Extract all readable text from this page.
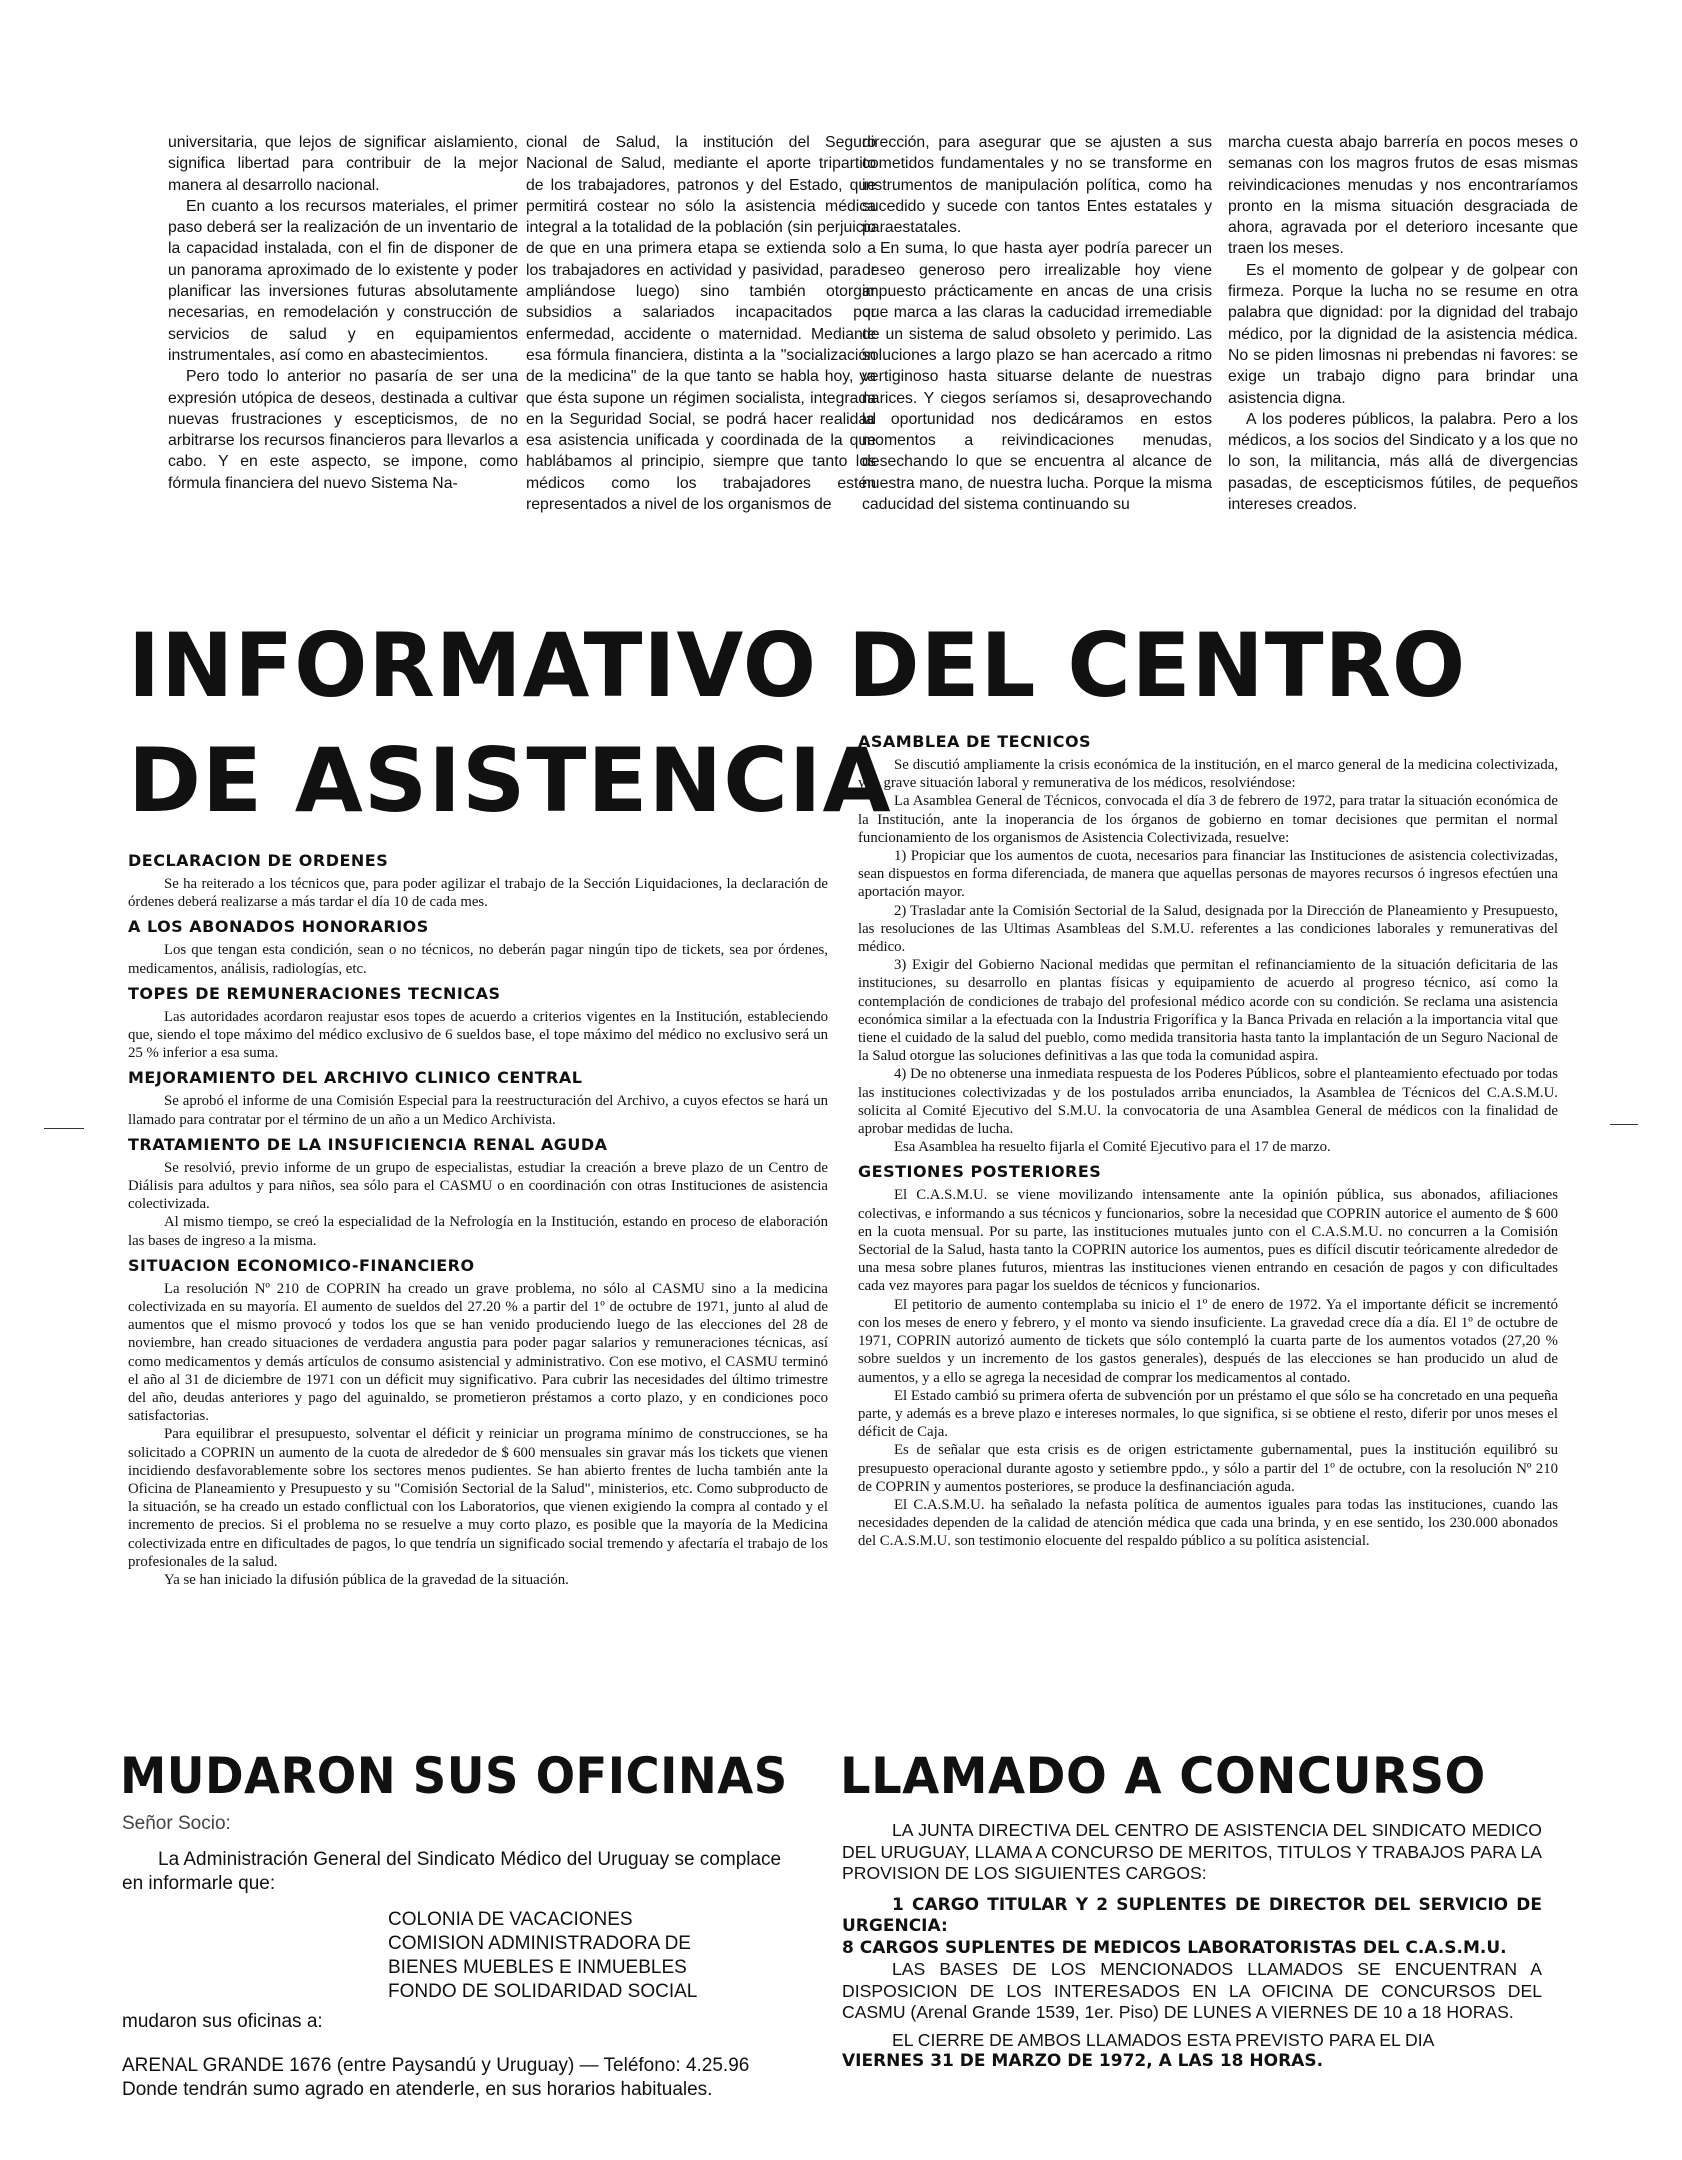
universitaria, que lejos de significar aislamiento, significa libertad para contribuir de la mejor manera al desarrollo nacional.

En cuanto a los recursos materiales, el primer paso deberá ser la realización de un inventario de la capacidad instalada, con el fin de disponer de un panorama aproximado de lo existente y poder planificar las inversiones futuras absolutamente necesarias, en remodelación y construcción de servicios de salud y en equipamientos instrumentales, así como en abastecimientos.

Pero todo lo anterior no pasaría de ser una expresión utópica de deseos, destinada a cultivar nuevas frustraciones y escepticismos, de no arbitrarse los recursos financieros para llevarlos a cabo. Y en este aspecto, se impone, como fórmula financiera del nuevo Sistema Na-

cional de Salud, la institución del Seguro Nacional de Salud, mediante el aporte tripartito de los trabajadores, patronos y del Estado, que permitirá costear no sólo la asistencia médica integral a la totalidad de la población (sin perjuicio de que en una primera etapa se extienda solo a los trabajadores en actividad y pasividad, para ir ampliándose luego) sino también otorgar subsidios a salariados incapacitados por enfermedad, accidente o maternidad. Mediante esa fórmula financiera, distinta a la "socialización de la medicina" de la que tanto se habla hoy, ya que ésta supone un régimen socialista, integrada en la Seguridad Social, se podrá hacer realidad esa asistencia unificada y coordinada de la que hablábamos al principio, siempre que tanto los médicos como los trabajadores estén representados a nivel de los organismos de

dirección, para asegurar que se ajusten a sus cometidos fundamentales y no se transforme en instrumentos de manipulación política, como ha sucedido y sucede con tantos Entes estatales y paraestatales.

En suma, lo que hasta ayer podría parecer un deseo generoso pero irrealizable hoy viene impuesto prácticamente en ancas de una crisis que marca a las claras la caducidad irremediable de un sistema de salud obsoleto y perimido. Las soluciones a largo plazo se han acercado a ritmo vertiginoso hasta situarse delante de nuestras narices. Y ciegos seríamos si, desaprovechando la oportunidad nos dedicáramos en estos momentos a reivindicaciones menudas, desechando lo que se encuentra al alcance de nuestra mano, de nuestra lucha. Porque la misma caducidad del sistema continuando su

marcha cuesta abajo barrería en pocos meses o semanas con los magros frutos de esas mismas reivindicaciones menudas y nos encontraríamos pronto en la misma situación desgraciada de ahora, agravada por el deterioro incesante que traen los meses.

Es el momento de golpear y de golpear con firmeza. Porque la lucha no se resume en otra palabra que dignidad: por la dignidad del trabajo médico, por la dignidad de la asistencia médica. No se piden limosnas ni prebendas ni favores: se exige un trabajo digno para brindar una asistencia digna.

A los poderes públicos, la palabra. Pero a los médicos, a los socios del Sindicato y a los que no lo son, la militancia, más allá de divergencias pasadas, de escepticismos fútiles, de pequeños intereses creados.

INFORMATIVO DEL CENTRO
DE ASISTENCIA
DECLARACION DE ORDENES

Se ha reiterado a los técnicos que, para poder agilizar el trabajo de la Sección Liquidaciones, la declaración de órdenes deberá realizarse a más tardar el día 10 de cada mes.

A LOS ABONADOS HONORARIOS

Los que tengan esta condición, sean o no técnicos, no deberán pagar ningún tipo de tickets, sea por órdenes, medicamentos, análisis, radiologías, etc.

TOPES DE REMUNERACIONES TECNICAS

Las autoridades acordaron reajustar esos topes de acuerdo a criterios vigentes en la Institución, estableciendo que, siendo el tope máximo del médico exclusivo de 6 sueldos base, el tope máximo del médico no exclusivo será un 25 % inferior a esa suma.

MEJORAMIENTO DEL ARCHIVO CLINICO CENTRAL

Se aprobó el informe de una Comisión Especial para la reestructuración del Archivo, a cuyos efectos se hará un llamado para contratar por el término de un año a un Medico Archivista.

TRATAMIENTO DE LA INSUFICIENCIA RENAL AGUDA

Se resolvió, previo informe de un grupo de especialistas, estudiar la creación a breve plazo de un Centro de Diálisis para adultos y para niños, sea sólo para el CASMU o en coordinación con otras Instituciones de asistencia colectivizada.

Al mismo tiempo, se creó la especialidad de la Nefrología en la Institución, estando en proceso de elaboración las bases de ingreso a la misma.

SITUACION ECONOMICO-FINANCIERO

La resolución Nº 210 de COPRIN ha creado un grave problema, no sólo al CASMU sino a la medicina colectivizada en su mayoría. El aumento de sueldos del 27.20 % a partir del 1º de octubre de 1971, junto al alud de aumentos que el mismo provocó y todos los que se han venido produciendo luego de las elecciones del 28 de noviembre, han creado situaciones de verdadera angustia para poder pagar salarios y remuneraciones técnicas, así como medicamentos y demás artículos de consumo asistencial y administrativo. Con ese motivo, el CASMU terminó el año al 31 de diciembre de 1971 con un déficit muy significativo. Para cubrir las necesidades del último trimestre del año, deudas anteriores y pago del aguinaldo, se prometieron préstamos a corto plazo, y en condiciones poco satisfactorias.

Para equilibrar el presupuesto, solventar el déficit y reiniciar un programa mínimo de construcciones, se ha solicitado a COPRIN un aumento de la cuota de alrededor de $ 600 mensuales sin gravar más los tickets que vienen incidiendo desfavorablemente sobre los sectores menos pudientes. Se han abierto frentes de lucha también ante la Oficina de Planeamiento y Presupuesto y su "Comisión Sectorial de la Salud", ministerios, etc. Como subproducto de la situación, se ha creado un estado conflictual con los Laboratorios, que vienen exigiendo la compra al contado y el incremento de precios. Si el problema no se resuelve a muy corto plazo, es posible que la mayoría de la Medicina colectivizada entre en dificultades de pagos, lo que tendría un significado social tremendo y afectaría el trabajo de los profesionales de la salud.

Ya se han iniciado la difusión pública de la gravedad de la situación.

ASAMBLEA DE TECNICOS

Se discutió ampliamente la crisis económica de la institución, en el marco general de la medicina colectivizada, y la grave situación laboral y remunerativa de los médicos, resolviéndose:

La Asamblea General de Técnicos, convocada el día 3 de febrero de 1972, para tratar la situación económica de la Institución, ante la inoperancia de los órganos de gobierno en tomar decisiones que permitan el normal funcionamiento de los organismos de Asistencia Colectivizada, resuelve:

1) Propiciar que los aumentos de cuota, necesarios para financiar las Instituciones de asistencia colectivizadas, sean dispuestos en forma diferenciada, de manera que aquellas personas de mayores recursos ó ingresos efectúen una aportación mayor.

2) Trasladar ante la Comisión Sectorial de la Salud, designada por la Dirección de Planeamiento y Presupuesto, las resoluciones de las Ultimas Asambleas del S.M.U. referentes a las condiciones laborales y remunerativas del médico.

3) Exigir del Gobierno Nacional medidas que permitan el refinanciamiento de la situación deficitaria de las instituciones, su desarrollo en plantas físicas y equipamiento de acuerdo al progreso técnico, así como la contemplación de condiciones de trabajo del profesional médico acorde con su condición. Se reclama una asistencia económica similar a la efectuada con la Industria Frigorífica y la Banca Privada en relación a la importancia vital que tiene el cuidado de la salud del pueblo, como medida transitoria hasta tanto la implantación de un Seguro Nacional de la Salud otorgue las soluciones definitivas a las que toda la comunidad aspira.

4) De no obtenerse una inmediata respuesta de los Poderes Públicos, sobre el planteamiento efectuado por todas las instituciones colectivizadas y de los postulados arriba enunciados, la Asamblea de Técnicos del C.A.S.M.U. solicita al Comité Ejecutivo del S.M.U. la convocatoria de una Asamblea General de médicos con la finalidad de aprobar medidas de lucha.

Esa Asamblea ha resuelto fijarla el Comité Ejecutivo para el 17 de marzo.

GESTIONES POSTERIORES

El C.A.S.M.U. se viene movilizando intensamente ante la opinión pública, sus abonados, afiliaciones colectivas, e informando a sus técnicos y funcionarios, sobre la necesidad que COPRIN autorice el aumento de $ 600 en la cuota mensual. Por su parte, las instituciones mutuales junto con el C.A.S.M.U. no concurren a la Comisión Sectorial de la Salud, hasta tanto la COPRIN autorice los aumentos, pues es difícil discutir teóricamente alrededor de una mesa sobre planes futuros, mientras las instituciones vienen entrando en cesación de pagos y con dificultades cada vez mayores para pagar los sueldos de técnicos y funcionarios.

El petitorio de aumento contemplaba su inicio el 1º de enero de 1972. Ya el importante déficit se incrementó con los meses de enero y febrero, y el monto va siendo insuficiente. La gravedad crece día a día. El 1º de octubre de 1971, COPRIN autorizó aumento de tickets que sólo contempló la cuarta parte de los aumentos votados (27,20 % sobre sueldos y un incremento de los gastos generales), después de las elecciones se han producido un alud de aumentos, y a ello se agrega la necesidad de comprar los medicamentos al contado.

El Estado cambió su primera oferta de subvención por un préstamo el que sólo se ha concretado en una pequeña parte, y además es a breve plazo e intereses normales, lo que significa, si se obtiene el resto, diferir por unos meses el déficit de Caja.

Es de señalar que esta crisis es de origen estrictamente gubernamental, pues la institución equilibró su presupuesto operacional durante agosto y setiembre ppdo., y sólo a partir del 1º de octubre, con la resolución Nº 210 de COPRIN y aumentos posteriores, se produce la desfinanciación aguda.

El C.A.S.M.U. ha señalado la nefasta política de aumentos iguales para todas las instituciones, cuando las necesidades dependen de la calidad de atención médica que cada una brinda, y en ese sentido, los 230.000 abonados del C.A.S.M.U. son testimonio elocuente del respaldo público a su política asistencial.

MUDARON SUS OFICINAS

Señor Socio:

La Administración General del Sindicato Médico del Uruguay se complace en informarle que:

COLONIA DE VACACIONES

COMISION ADMINISTRADORA DE

BIENES MUEBLES E INMUEBLES

FONDO DE SOLIDARIDAD SOCIAL

mudaron sus oficinas a:

ARENAL GRANDE 1676 (entre Paysandú y Uruguay) — Teléfono: 4.25.96

Donde tendrán sumo agrado en atenderle, en sus horarios habituales.

LLAMADO A CONCURSO

LA JUNTA DIRECTIVA DEL CENTRO DE ASISTENCIA DEL SINDICATO MEDICO DEL URUGUAY, LLAMA A CONCURSO DE MERITOS, TITULOS Y TRABAJOS PARA LA PROVISION DE LOS SIGUIENTES CARGOS:

1 CARGO TITULAR Y 2 SUPLENTES DE DIRECTOR DEL SERVICIO DE URGENCIA:

8 CARGOS SUPLENTES DE MEDICOS LABORATORISTAS DEL C.A.S.M.U.

LAS BASES DE LOS MENCIONADOS LLAMADOS SE ENCUENTRAN A DISPOSICION DE LOS INTERESADOS EN LA OFICINA DE CONCURSOS DEL CASMU (Arenal Grande 1539, 1er. Piso) DE LUNES A VIERNES DE 10 a 18 HORAS.

EL CIERRE DE AMBOS LLAMADOS ESTA PREVISTO PARA EL DIA

VIERNES 31 DE MARZO DE 1972, A LAS 18 HORAS.
